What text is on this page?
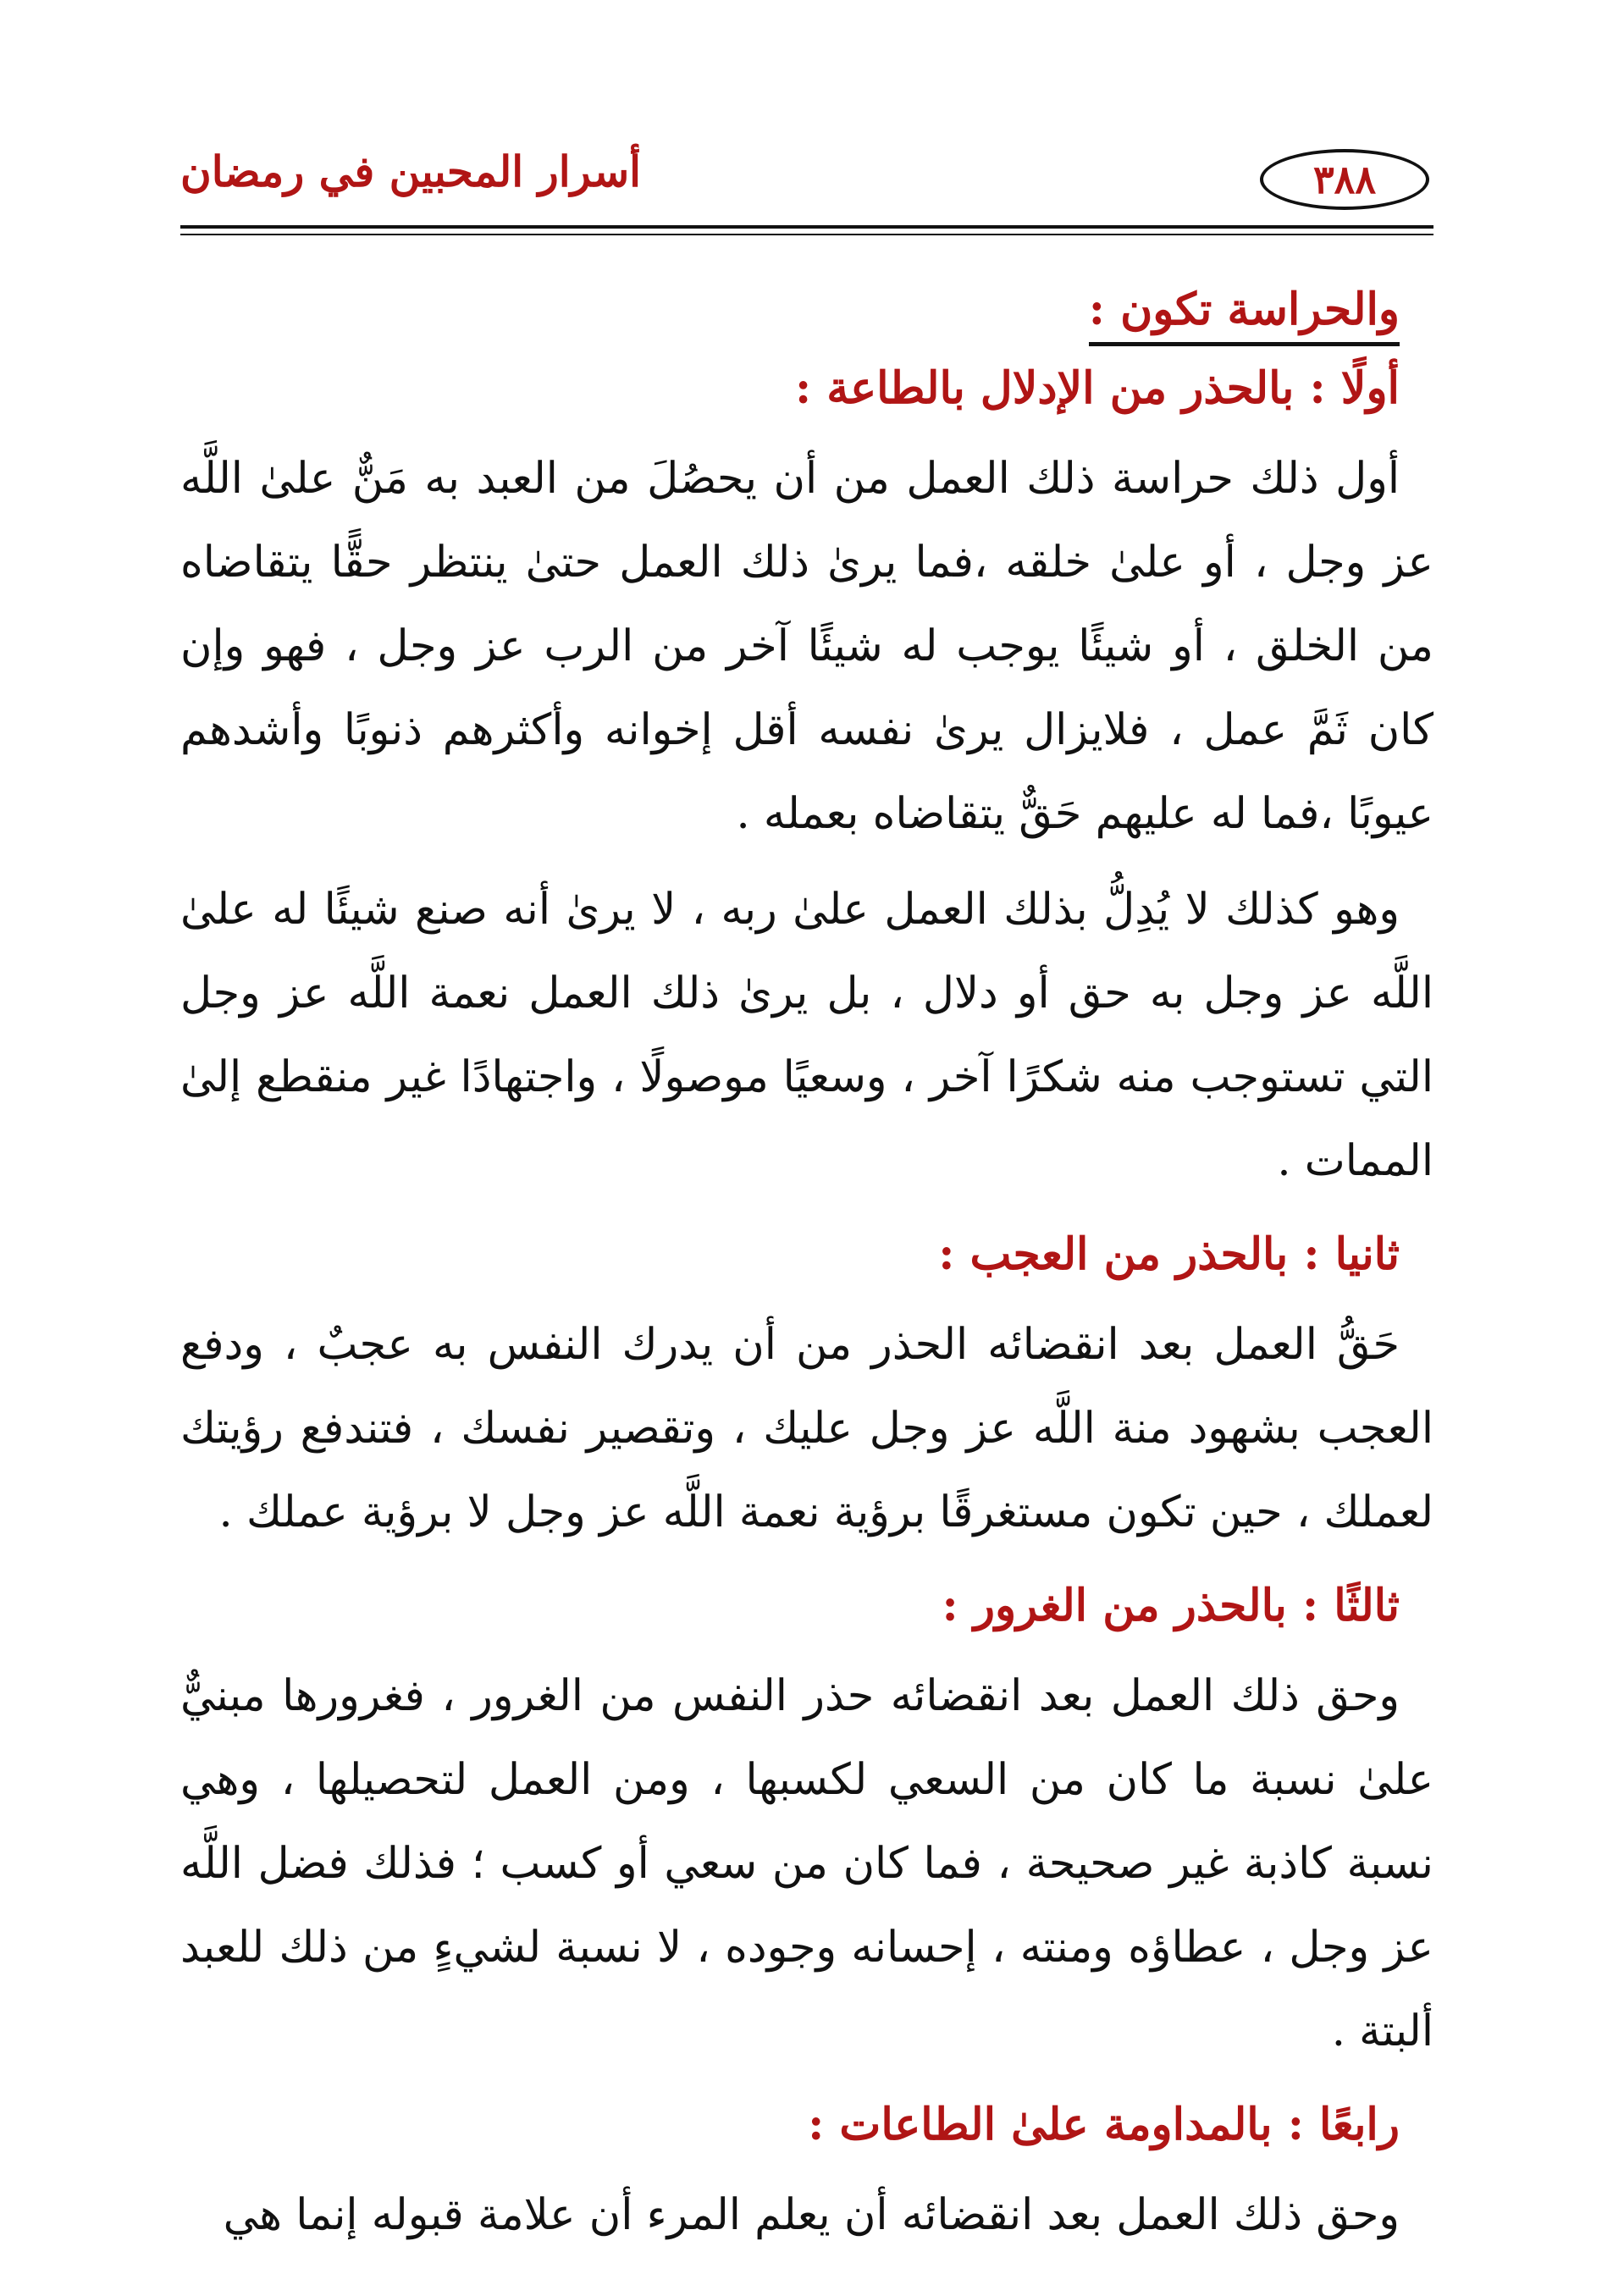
أسرار المحبين في رمضان	٣٨٨
والحراسة تكون :
أولًا : بالحذر من الإدلال بالطاعة :

أول ذلك حراسة ذلك العمل من أن يحصُلَ من العبد به مَنٌّ علىٰ اللَّه عز وجل ، أو علىٰ خلقه ،فما يرىٰ ذلك العمل حتىٰ ينتظر حقًّا يتقاضاه من الخلق ، أو شيئًا يوجب له شيئًا آخر من الرب عز وجل ، فهو وإن كان ثَمَّ عمل ، فلايزال يرىٰ نفسه أقل إخوانه وأكثرهم ذنوبًا وأشدهم عيوبًا ،فما له عليهم حَقٌّ يتقاضاه بعمله .

وهو كذلك لا يُدِلُّ بذلك العمل علىٰ ربه ، لا يرىٰ أنه صنع شيئًا له علىٰ اللَّه عز وجل به حق أو دلال ، بل يرىٰ ذلك العمل نعمة اللَّه عز وجل التي تستوجب منه شكرًا آخر ، وسعيًا موصولًا ، واجتهادًا غير منقطع إلىٰ الممات .

ثانيا : بالحذر من العجب :

حَقُّ العمل بعد انقضائه الحذر من أن يدرك النفس به عجبٌ ، ودفع العجب بشهود منة اللَّه عز وجل عليك ، وتقصير نفسك ، فتندفع رؤيتك لعملك ، حين تكون مستغرقًا برؤية نعمة اللَّه عز وجل لا برؤية عملك .

ثالثًا : بالحذر من الغرور :

وحق ذلك العمل بعد انقضائه حذر النفس من الغرور ، فغرورها مبنيٌّ علىٰ نسبة ما كان من السعي لكسبها ، ومن العمل لتحصيلها ، وهي نسبة كاذبة غير صحيحة ، فما كان من سعي أو كسب ؛ فذلك فضل اللَّه عز وجل ، عطاؤه ومنته ، إحسانه وجوده ، لا نسبة لشيءٍ من ذلك للعبد ألبتة .

رابعًا : بالمداومة علىٰ الطاعات :

وحق ذلك العمل بعد انقضائه أن يعلم المرء أن علامة قبوله إنما هي
